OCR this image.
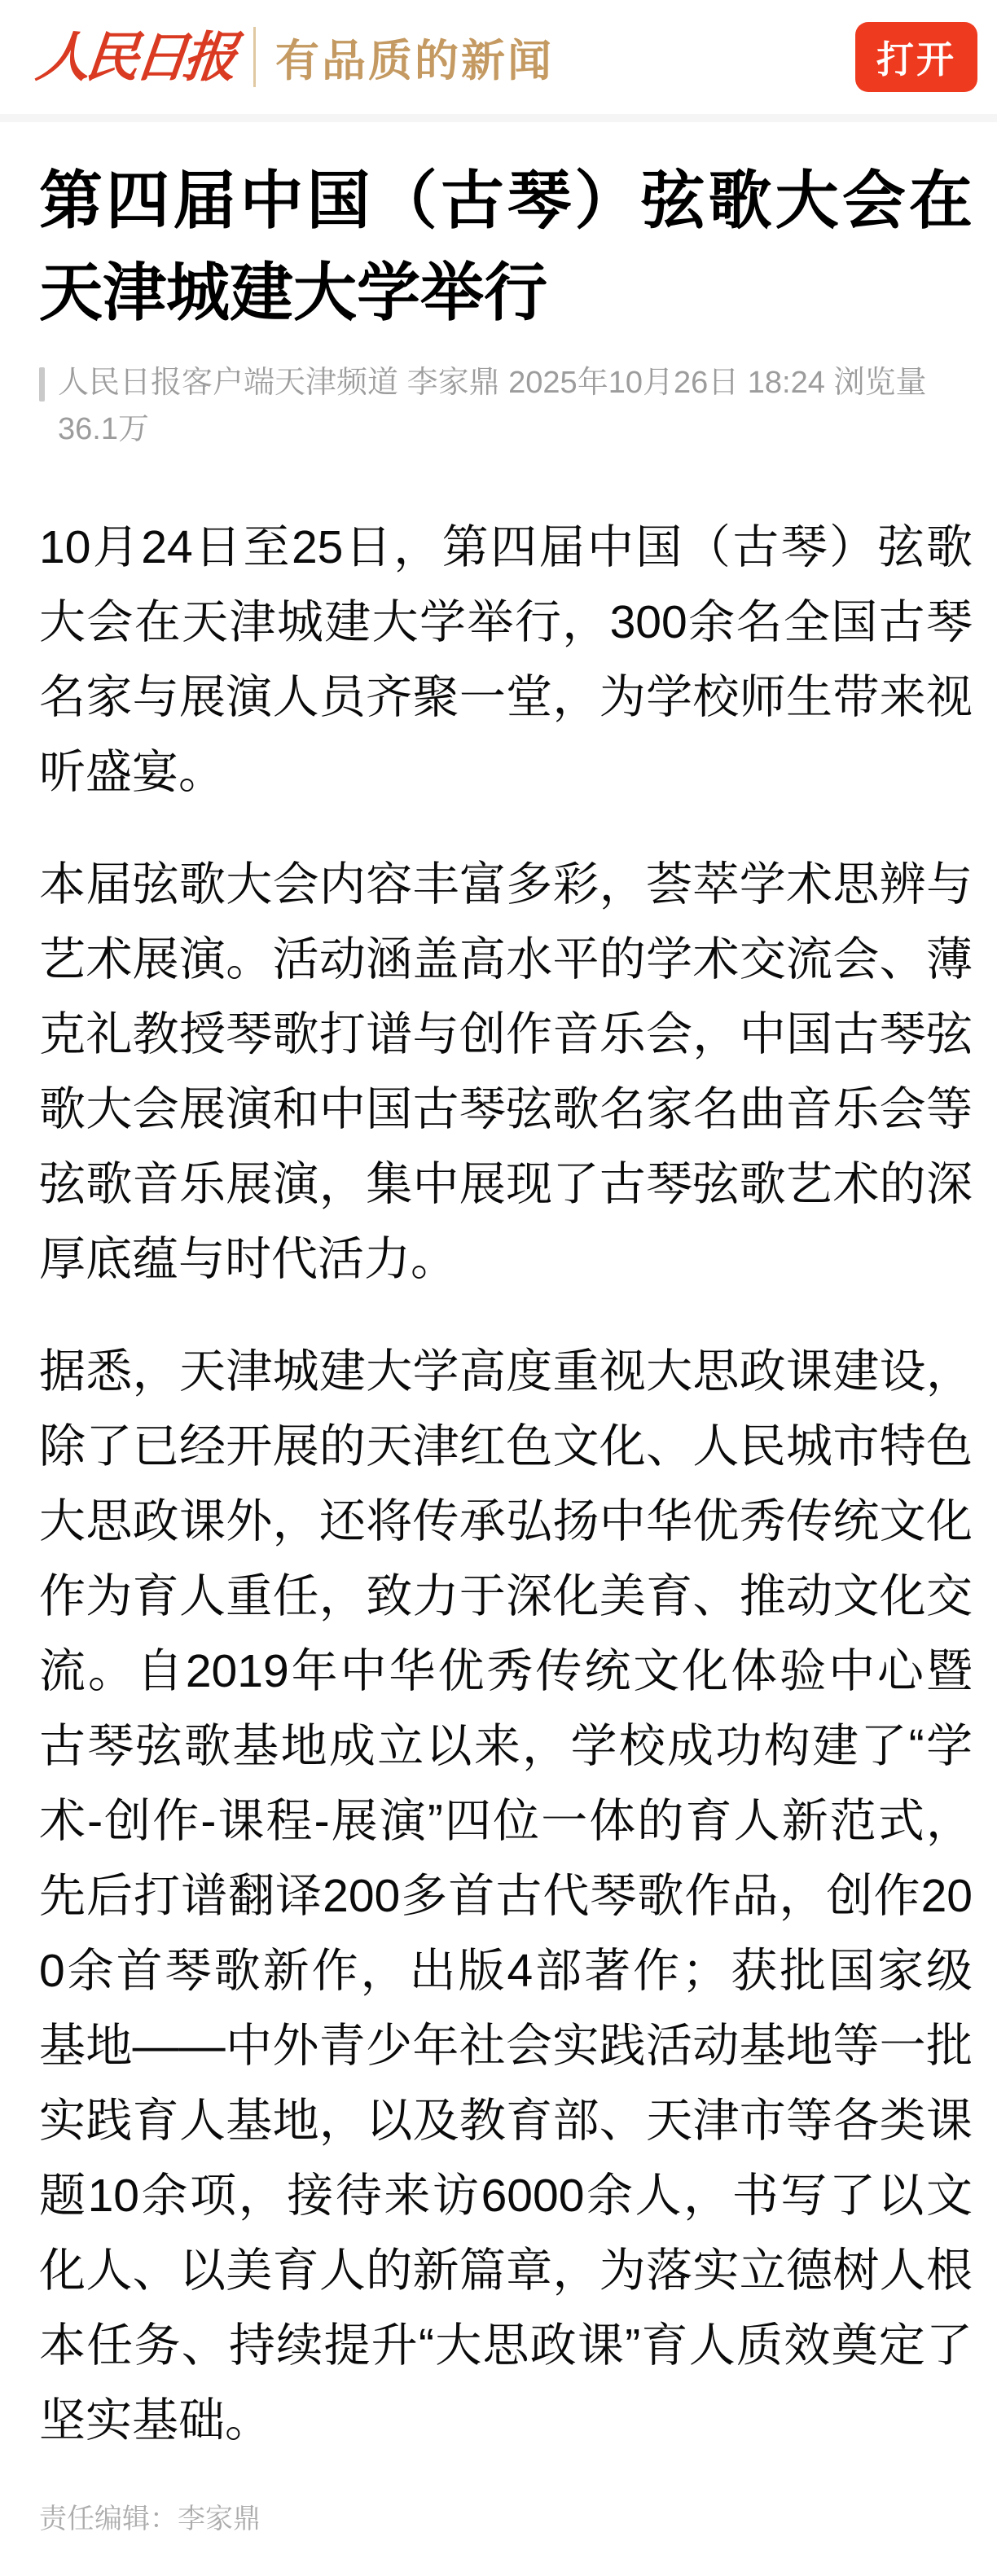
人民日报 有品质的新闻	打开
第四届中国（古琴）弦歌大会在天津城建大学举行
人民日报客户端天津频道 李家鼎 2025年10月26日 18:24 浏览量36.1万

10月24日至25日，第四届中国（古琴）弦歌大会在天津城建大学举行，300余名全国古琴名家与展演人员齐聚一堂，为学校师生带来视听盛宴。

本届弦歌大会内容丰富多彩，荟萃学术思辨与艺术展演。活动涵盖高水平的学术交流会、薄克礼教授琴歌打谱与创作音乐会，中国古琴弦歌大会展演和中国古琴弦歌名家名曲音乐会等弦歌音乐展演，集中展现了古琴弦歌艺术的深厚底蕴与时代活力。

据悉，天津城建大学高度重视大思政课建设，除了已经开展的天津红色文化、人民城市特色大思政课外，还将传承弘扬中华优秀传统文化作为育人重任，致力于深化美育、推动文化交流。自2019年中华优秀传统文化体验中心暨古琴弦歌基地成立以来，学校成功构建了“学术-创作-课程-展演”四位一体的育人新范式，先后打谱翻译200多首古代琴歌作品，创作200余首琴歌新作，出版4部著作；获批国家级基地——中外青少年社会实践活动基地等一批实践育人基地，以及教育部、天津市等各类课题10余项，接待来访6000余人，书写了以文化人、以美育人的新篇章，为落实立德树人根本任务、持续提升“大思政课”育人质效奠定了坚实基础。

责任编辑：李家鼎
